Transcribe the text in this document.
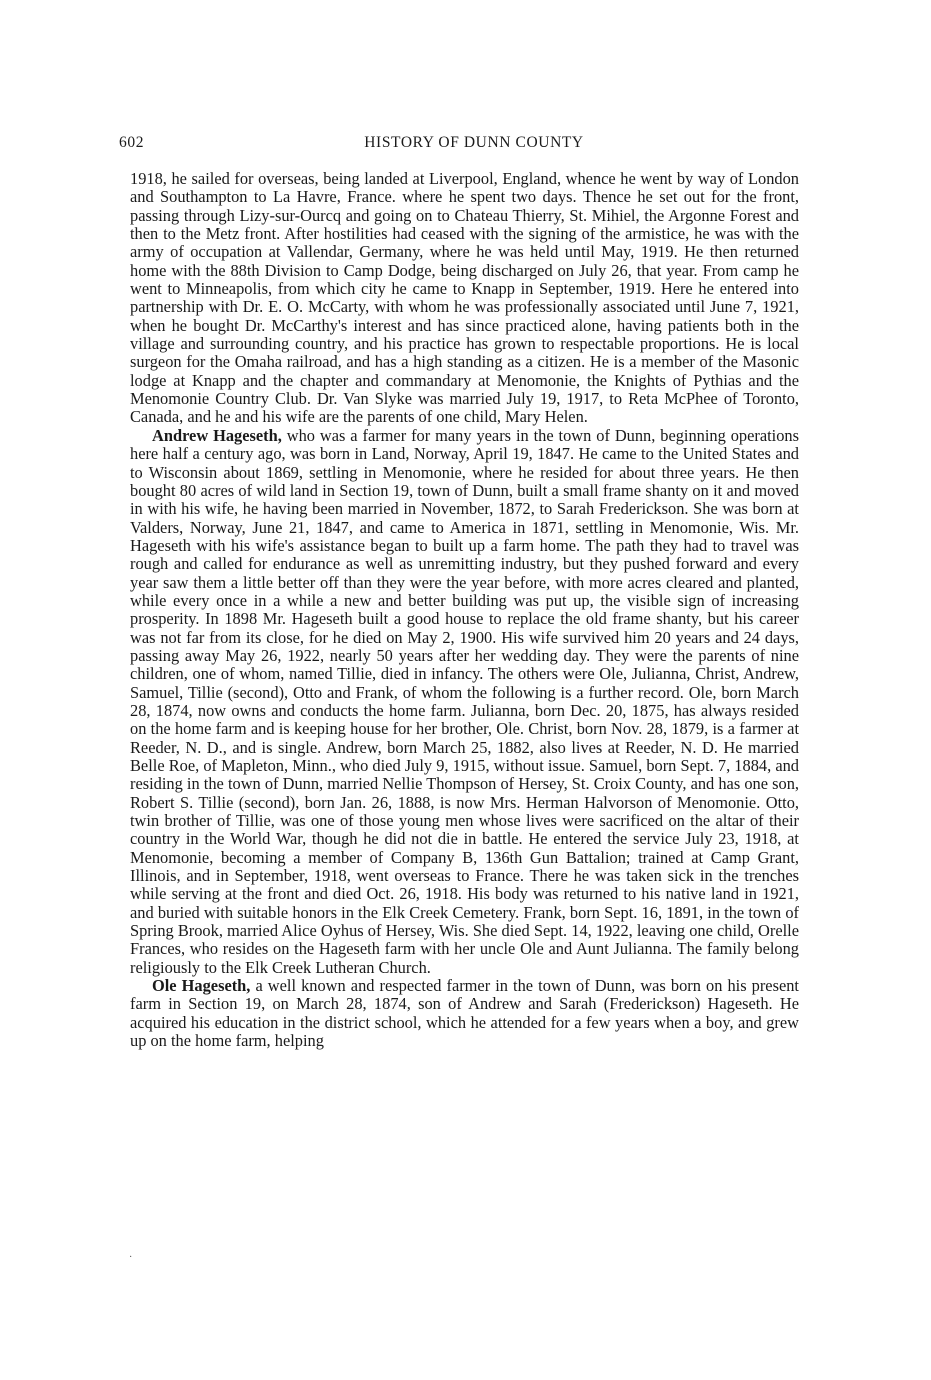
602	HISTORY OF DUNN COUNTY

1918, he sailed for overseas, being landed at Liverpool, England, whence he went by way of London and Southampton to La Havre, France. where he spent two days. Thence he set out for the front, passing through Lizy-sur-Ourcq and going on to Chateau Thierry, St. Mihiel, the Argonne Forest and then to the Metz front. After hostilities had ceased with the signing of the armistice, he was with the army of occupation at Vallendar, Germany, where he was held until May, 1919. He then returned home with the 88th Division to Camp Dodge, being discharged on July 26, that year. From camp he went to Minneapolis, from which city he came to Knapp in September, 1919. Here he entered into partnership with Dr. E. O. McCarty, with whom he was professionally associated until June 7, 1921, when he bought Dr. McCarthy's interest and has since practiced alone, having patients both in the village and surrounding country, and his practice has grown to respectable proportions. He is local surgeon for the Omaha railroad, and has a high standing as a citizen. He is a member of the Masonic lodge at Knapp and the chapter and commandary at Menomonie, the Knights of Pythias and the Menomonie Country Club. Dr. Van Slyke was married July 19, 1917, to Reta McPhee of Toronto, Canada, and he and his wife are the parents of one child, Mary Helen.

Andrew Hageseth, who was a farmer for many years in the town of Dunn, beginning operations here half a century ago, was born in Land, Norway, April 19, 1847. He came to the United States and to Wisconsin about 1869, settling in Menomonie, where he resided for about three years. He then bought 80 acres of wild land in Section 19, town of Dunn, built a small frame shanty on it and moved in with his wife, he having been married in November, 1872, to Sarah Frederickson. She was born at Valders, Norway, June 21, 1847, and came to America in 1871, settling in Menomonie, Wis. Mr. Hageseth with his wife's assistance began to built up a farm home. The path they had to travel was rough and called for endurance as well as unremitting industry, but they pushed forward and every year saw them a little better off than they were the year before, with more acres cleared and planted, while every once in a while a new and better building was put up, the visible sign of increasing prosperity. In 1898 Mr. Hageseth built a good house to replace the old frame shanty, but his career was not far from its close, for he died on May 2, 1900. His wife survived him 20 years and 24 days, passing away May 26, 1922, nearly 50 years after her wedding day. They were the parents of nine children, one of whom, named Tillie, died in infancy. The others were Ole, Julianna, Christ, Andrew, Samuel, Tillie (second), Otto and Frank, of whom the following is a further record. Ole, born March 28, 1874, now owns and conducts the home farm. Julianna, born Dec. 20, 1875, has always resided on the home farm and is keeping house for her brother, Ole. Christ, born Nov. 28, 1879, is a farmer at Reeder, N. D., and is single. Andrew, born March 25, 1882, also lives at Reeder, N. D. He married Belle Roe, of Mapleton, Minn., who died July 9, 1915, without issue. Samuel, born Sept. 7, 1884, and residing in the town of Dunn, married Nellie Thompson of Hersey, St. Croix County, and has one son, Robert S. Tillie (second), born Jan. 26, 1888, is now Mrs. Herman Halvorson of Menomonie. Otto, twin brother of Tillie, was one of those young men whose lives were sacrificed on the altar of their country in the World War, though he did not die in battle. He entered the service July 23, 1918, at Menomonie, becoming a member of Company B, 136th Gun Battalion; trained at Camp Grant, Illinois, and in September, 1918, went overseas to France. There he was taken sick in the trenches while serving at the front and died Oct. 26, 1918. His body was returned to his native land in 1921, and buried with suitable honors in the Elk Creek Cemetery. Frank, born Sept. 16, 1891, in the town of Spring Brook, married Alice Oyhus of Hersey, Wis. She died Sept. 14, 1922, leaving one child, Orelle Frances, who resides on the Hageseth farm with her uncle Ole and Aunt Julianna. The family belong religiously to the Elk Creek Lutheran Church.

Ole Hageseth, a well known and respected farmer in the town of Dunn, was born on his present farm in Section 19, on March 28, 1874, son of Andrew and Sarah (Frederickson) Hageseth. He acquired his education in the district school, which he attended for a few years when a boy, and grew up on the home farm, helping

·
